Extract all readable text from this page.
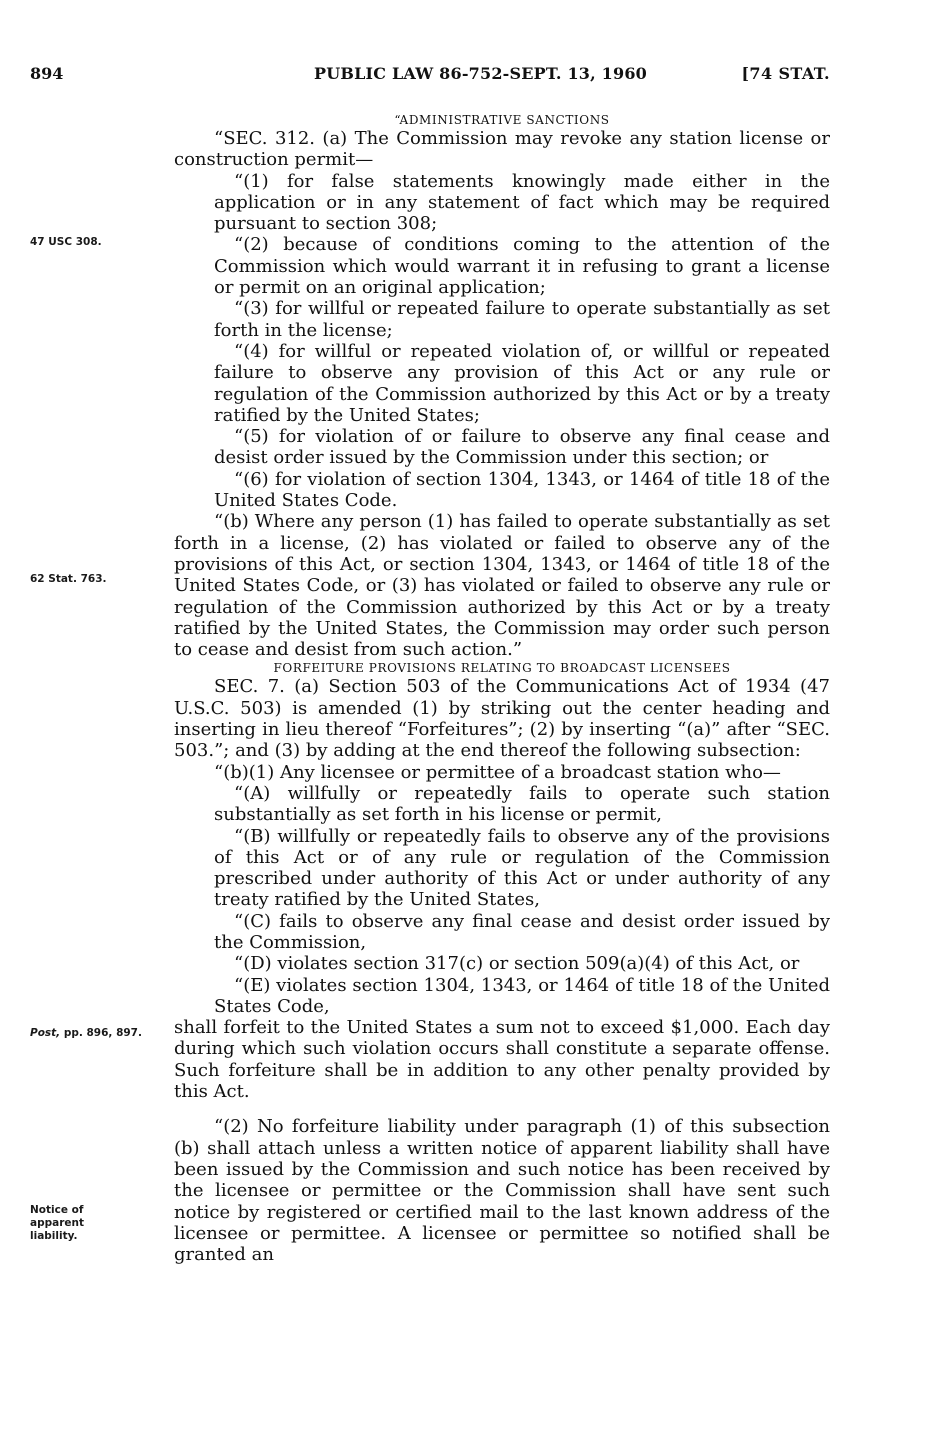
894	PUBLIC LAW 86-752-SEPT. 13, 1960	[74 STAT.
47 USC 308.
62 Stat. 763.
Post, pp. 896, 897.
Notice of apparent liability.

“ADMINISTRATIVE SANCTIONS

“SEC. 312. (a) The Commission may revoke any station license or construction permit—

“(1) for false statements knowingly made either in the application or in any statement of fact which may be required pursuant to section 308;

“(2) because of conditions coming to the attention of the Commission which would warrant it in refusing to grant a license or permit on an original application;

“(3) for willful or repeated failure to operate substantially as set forth in the license;

“(4) for willful or repeated violation of, or willful or repeated failure to observe any provision of this Act or any rule or regulation of the Commission authorized by this Act or by a treaty ratified by the United States;

“(5) for violation of or failure to observe any final cease and desist order issued by the Commission under this section; or

“(6) for violation of section 1304, 1343, or 1464 of title 18 of the United States Code.

“(b) Where any person (1) has failed to operate substantially as set forth in a license, (2) has violated or failed to observe any of the provisions of this Act, or section 1304, 1343, or 1464 of title 18 of the United States Code, or (3) has violated or failed to observe any rule or regulation of the Commission authorized by this Act or by a treaty ratified by the United States, the Commission may order such person to cease and desist from such action.”

FORFEITURE PROVISIONS RELATING TO BROADCAST LICENSEES

SEC. 7. (a) Section 503 of the Communications Act of 1934 (47 U.S.C. 503) is amended (1) by striking out the center heading and inserting in lieu thereof “Forfeitures”; (2) by inserting “(a)” after “SEC. 503.”; and (3) by adding at the end thereof the following subsection:

“(b)(1) Any licensee or permittee of a broadcast station who—

“(A) willfully or repeatedly fails to operate such station substantially as set forth in his license or permit,

“(B) willfully or repeatedly fails to observe any of the provisions of this Act or of any rule or regulation of the Commission prescribed under authority of this Act or under authority of any treaty ratified by the United States,

“(C) fails to observe any final cease and desist order issued by the Commission,

“(D) violates section 317(c) or section 509(a)(4) of this Act, or

“(E) violates section 1304, 1343, or 1464 of title 18 of the United States Code,

shall forfeit to the United States a sum not to exceed $1,000. Each day during which such violation occurs shall constitute a separate offense. Such forfeiture shall be in addition to any other penalty provided by this Act.

“(2) No forfeiture liability under paragraph (1) of this subsection (b) shall attach unless a written notice of apparent liability shall have been issued by the Commission and such notice has been received by the licensee or permittee or the Commission shall have sent such notice by registered or certified mail to the last known address of the licensee or permittee. A licensee or permittee so notified shall be granted an
